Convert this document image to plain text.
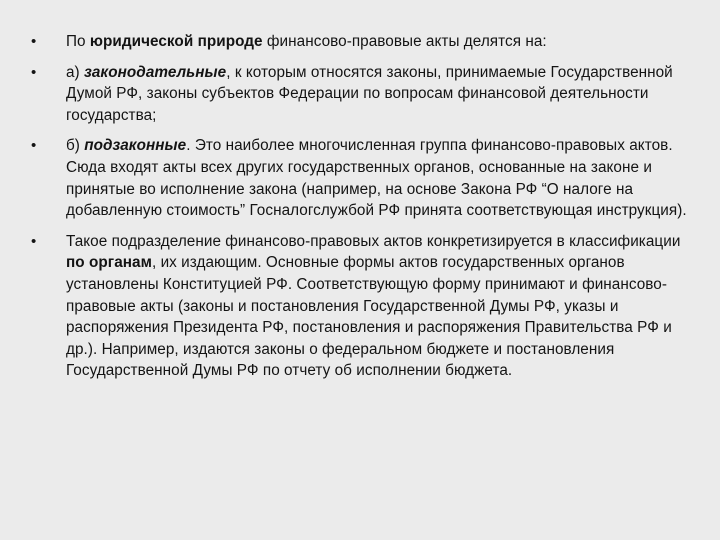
• По юридической природе финансово-правовые акты делятся на:
• а) законодательные, к которым относятся законы, принимаемые Государственной Думой РФ, законы субъектов Федерации по вопросам финансовой деятельности государства;
• б) подзаконные. Это наиболее многочисленная группа финансово-правовых актов. Сюда входят акты всех других государственных органов, основанные на законе и принятые во исполнение закона (например, на основе Закона РФ “О налоге на добавленную стоимость” Госналогслужбой РФ принята соответствующая инструкция).
• Такое подразделение финансово-правовых актов конкретизируется в классификации по органам, их издающим. Основные формы актов государственных органов установлены Конституцией РФ. Соответствующую форму принимают и финансово-правовые акты (законы и постановления Государственной Думы РФ, указы и распоряжения Президента РФ, постановления и распоряжения Правительства РФ и др.). Например, издаются законы о федеральном бюджете и постановления Государственной Думы РФ по отчету об исполнении бюджета.
